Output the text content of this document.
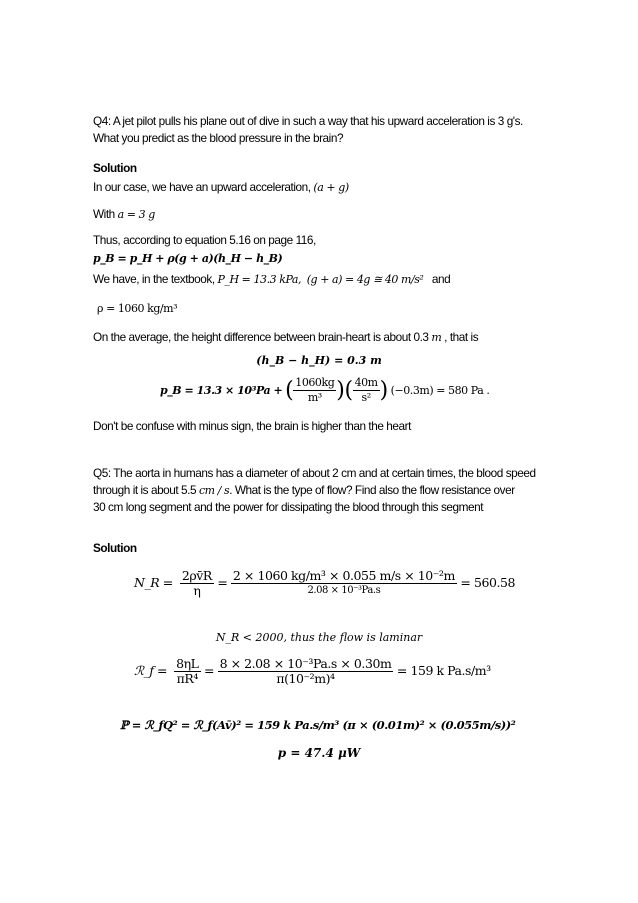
Q4: A jet pilot pulls his plane out of dive in such a way that his upward acceleration is 3 g's.
What you predict as the blood pressure in the brain?
Solution
In our case, we have an upward acceleration, (a + g)
With a = 3 g
Thus, according to equation 5.16 on page 116,
p_B = p_H + ρ(g + a)(h_H − h_B)
We have, in the textbook, P_H = 13.3 kPa, (g + a) = 4g ≅ 40 m/s² and
ρ = 1060 kg/m³
On the average, the height difference between brain-heart is about 0.3 m , that is
(h_B − h_H) = 0.3 m
p_B = 13.3 × 10³Pa + ( $\frac{1060kg}{\text{m³}}$ )( $\frac{40m}{\text{s²}}$ ) (−0.3m) = 580 Pa .
Don't be confuse with minus sign, the brain is higher than the heart
Q5: The aorta in humans has a diameter of about 2 cm and at certain times, the blood speed
through it is about 5.5 cm / s. What is the type of flow? Find also the flow resistance over
30 cm long segment and the power for dissipating the blood through this segment
Solution
N_R = $\frac{2\rho v̄R}{\eta} = \frac{\text{2 × 1060 kg/m³ × 0.055 m/s × 10⁻²m}}{\text{2.08 × 10⁻³Pa.s}} = 560.58$
N_R < 2000, thus the flow is laminar
ℛ_f = $\frac{8\eta L}{\text{πR⁴}} = \frac{\text{8 × 2.08 × 10⁻³Pa.s × 0.30m}}{\text{π(10⁻²m)⁴}} = 159$ k Pa.s/m³
ℙ = ℛ_fQ² = ℛ_f(Av̄)² = 159 k Pa.s/m³ (π × (0.01m)² × (0.055m/s))²
p = 47.4 μW
